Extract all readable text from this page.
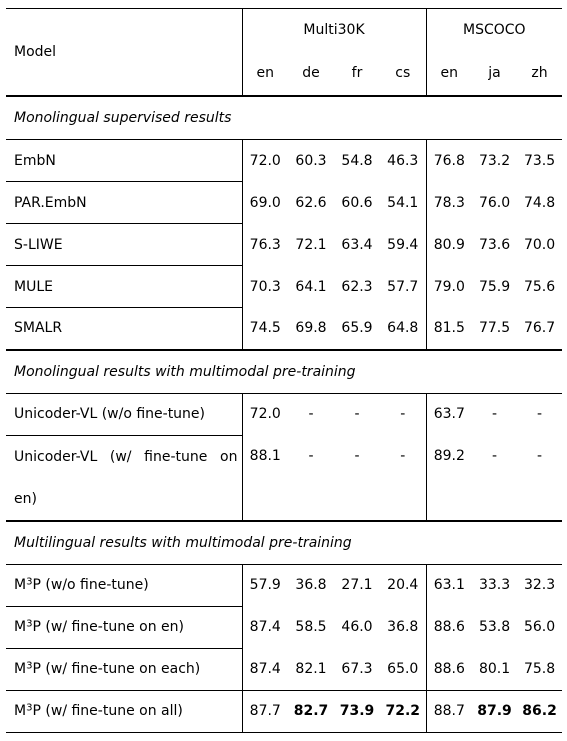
Model	Multi30K				MSCOCO		
	en	de	fr	cs	en	ja	zh
Monolingual supervised results							
EmbN	72.0	60.3	54.8	46.3	76.8	73.2	73.5
PAR.EmbN	69.0	62.6	60.6	54.1	78.3	76.0	74.8
S-LIWE	76.3	72.1	63.4	59.4	80.9	73.6	70.0
MULE	70.3	64.1	62.3	57.7	79.0	75.9	75.6
SMALR	74.5	69.8	65.9	64.8	81.5	77.5	76.7
Monolingual results with multimodal pre-training							
Unicoder-VL (w/o fine-tune)	72.0	-	-	-	63.7	-	-

Unicoder-VL (w/ fine-tune on
en)	88.1	-	-	-	89.2	-	-
Multilingual results with multimodal pre-training							
$M^3P$ (w/o fine-tune)	57.9	36.8	27.1	20.4	63.1	33.3	32.3
$M^3P$ (w/ fine-tune on en)	87.4	58.5	46.0	36.8	88.6	53.8	56.0
$M^3P$ (w/ fine-tune on each)	87.4	82.1	67.3	65.0	88.6	80.1	75.8
$M^3P$ (w/ fine-tune on all)	87.7	82.7	73.9	72.2	88.7	87.9	86.2
